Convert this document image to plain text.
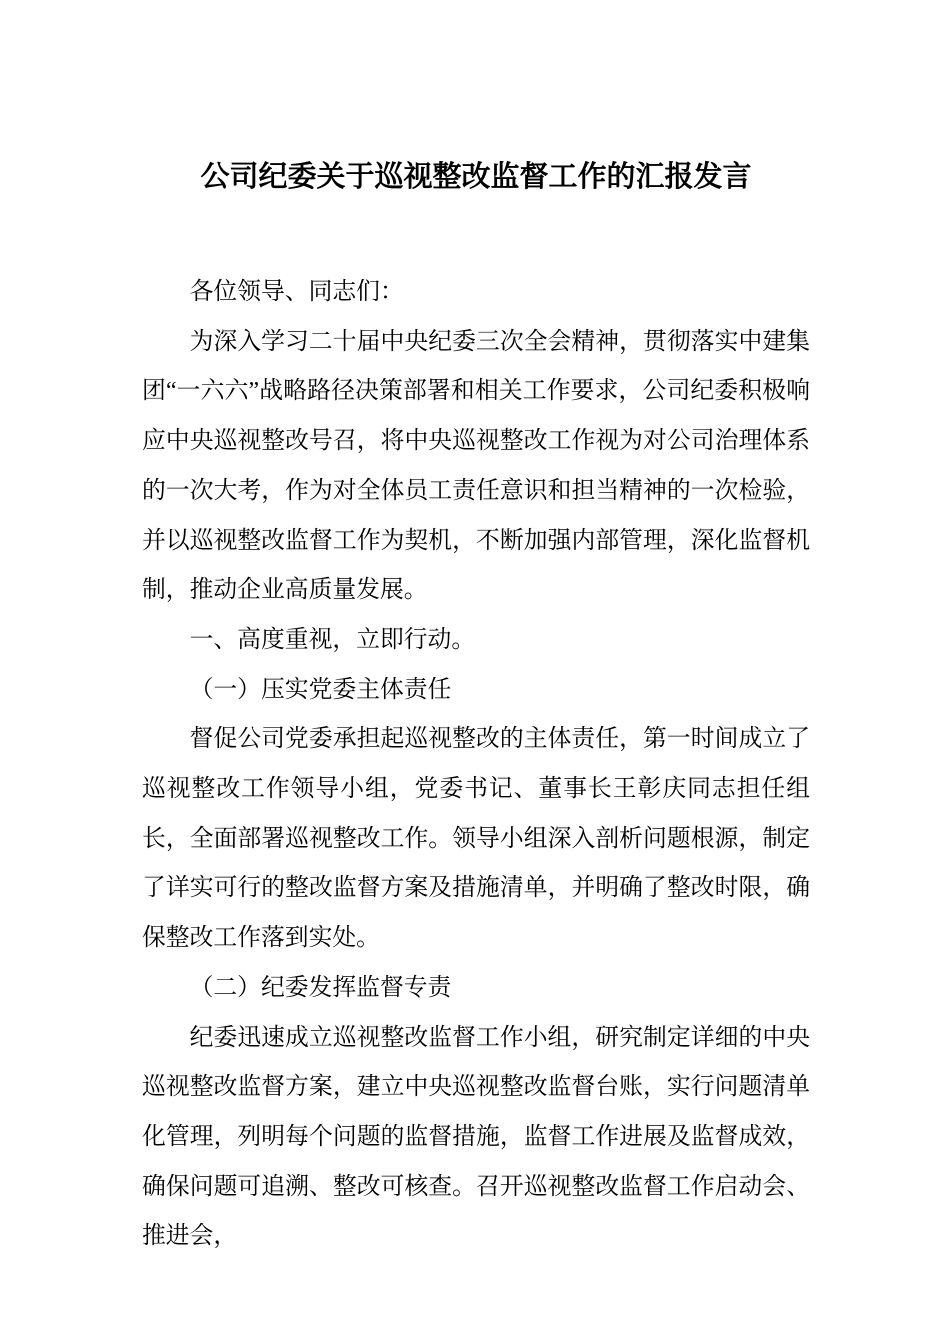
公司纪委关于巡视整改监督工作的汇报发言

各位领导、同志们：

为深入学习二十届中央纪委三次全会精神，贯彻落实中建集团“一六六”战略路径决策部署和相关工作要求，公司纪委积极响应中央巡视整改号召，将中央巡视整改工作视为对公司治理体系的一次大考，作为对全体员工责任意识和担当精神的一次检验，并以巡视整改监督工作为契机，不断加强内部管理，深化监督机制，推动企业高质量发展。

一、高度重视，立即行动。

（一）压实党委主体责任

督促公司党委承担起巡视整改的主体责任，第一时间成立了巡视整改工作领导小组，党委书记、董事长王彰庆同志担任组长，全面部署巡视整改工作。领导小组深入剖析问题根源，制定了详实可行的整改监督方案及措施清单，并明确了整改时限，确保整改工作落到实处。

（二）纪委发挥监督专责

纪委迅速成立巡视整改监督工作小组，研究制定详细的中央巡视整改监督方案，建立中央巡视整改监督台账，实行问题清单化管理，列明每个问题的监督措施，监督工作进展及监督成效，确保问题可追溯、整改可核查。召开巡视整改监督工作启动会、推进会，
